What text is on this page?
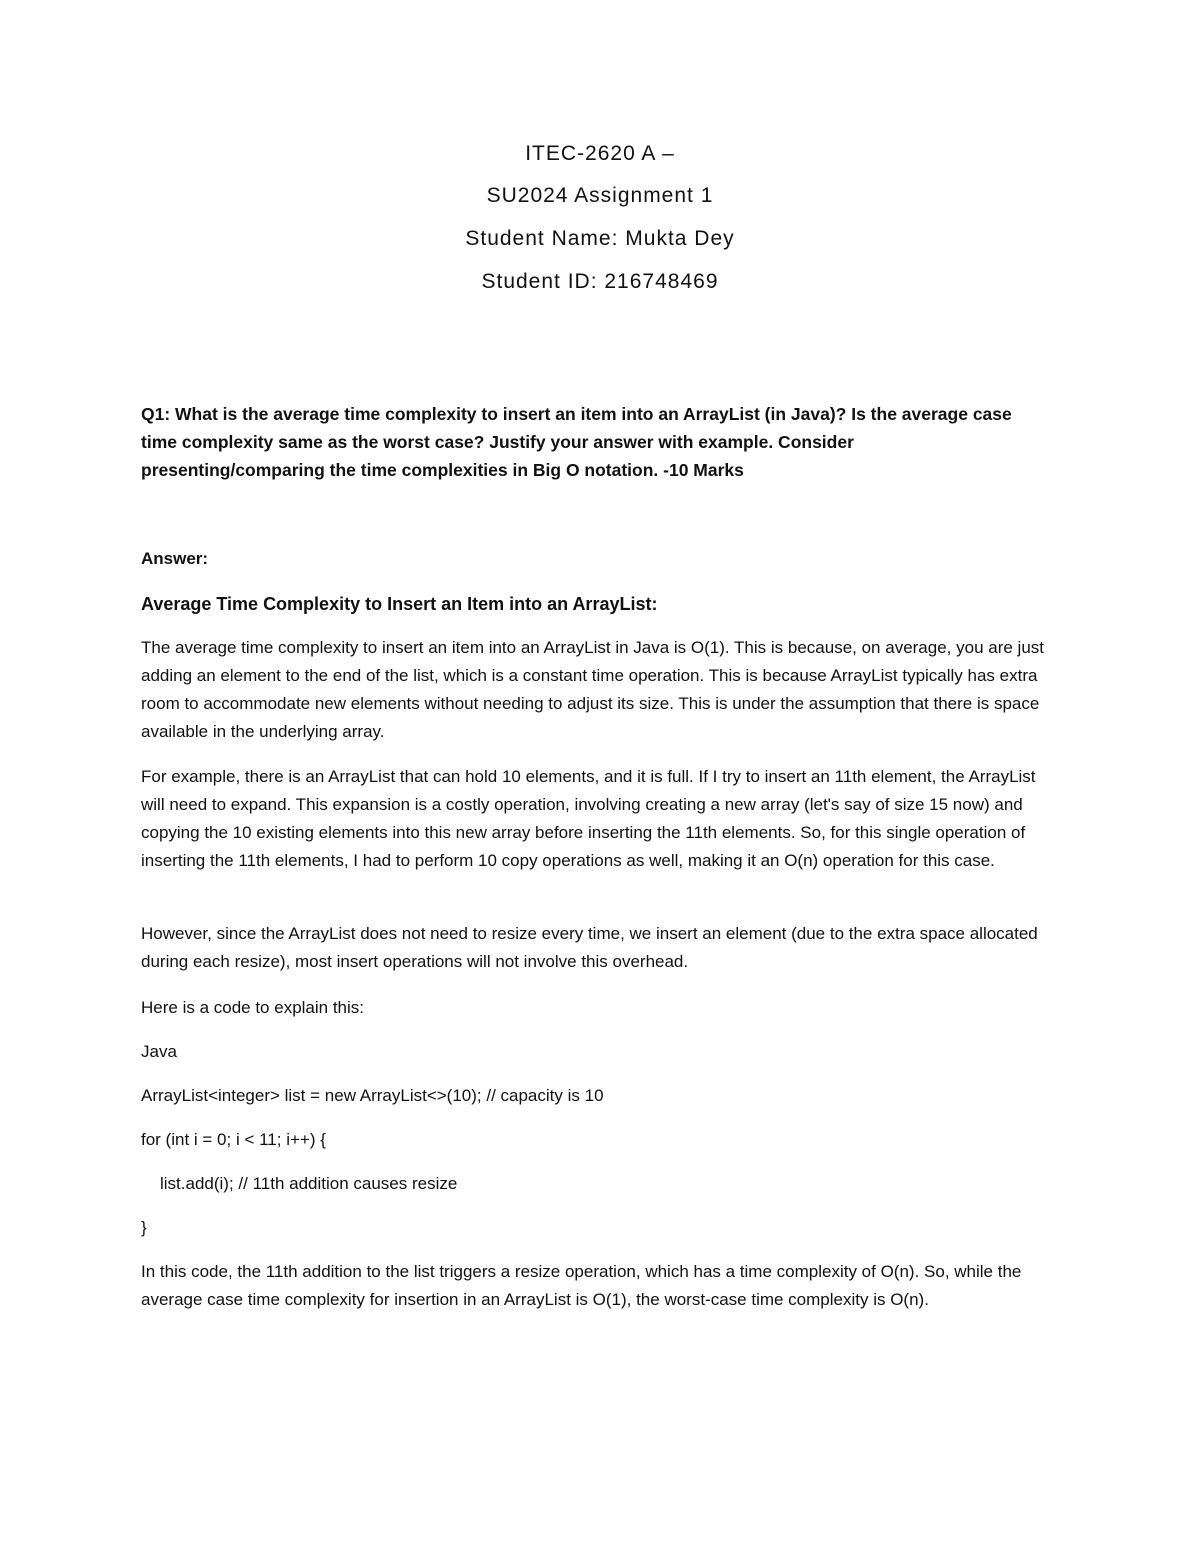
ITEC-2620 A –
SU2024 Assignment 1
Student Name: Mukta Dey
Student ID: 216748469
Q1: What is the average time complexity to insert an item into an ArrayList (in Java)? Is the average case time complexity same as the worst case? Justify your answer with example. Consider presenting/comparing the time complexities in Big O notation. -10 Marks
Answer:
Average Time Complexity to Insert an Item into an ArrayList:
The average time complexity to insert an item into an ArrayList in Java is O(1). This is because, on average, you are just adding an element to the end of the list, which is a constant time operation. This is because ArrayList typically has extra room to accommodate new elements without needing to adjust its size. This is under the assumption that there is space available in the underlying array.
For example, there is an ArrayList that can hold 10 elements, and it is full. If I try to insert an 11th element, the ArrayList will need to expand. This expansion is a costly operation, involving creating a new array (let's say of size 15 now) and copying the 10 existing elements into this new array before inserting the 11th elements. So, for this single operation of inserting the 11th elements, I had to perform 10 copy operations as well, making it an O(n) operation for this case.
However, since the ArrayList does not need to resize every time, we insert an element (due to the extra space allocated during each resize), most insert operations will not involve this overhead.
Here is a code to explain this:
Java
ArrayList<integer> list = new ArrayList<>(10); // capacity is 10
for (int i = 0; i < 11; i++) {
list.add(i); // 11th addition causes resize
}
In this code, the 11th addition to the list triggers a resize operation, which has a time complexity of O(n). So, while the average case time complexity for insertion in an ArrayList is O(1), the worst-case time complexity is O(n).
